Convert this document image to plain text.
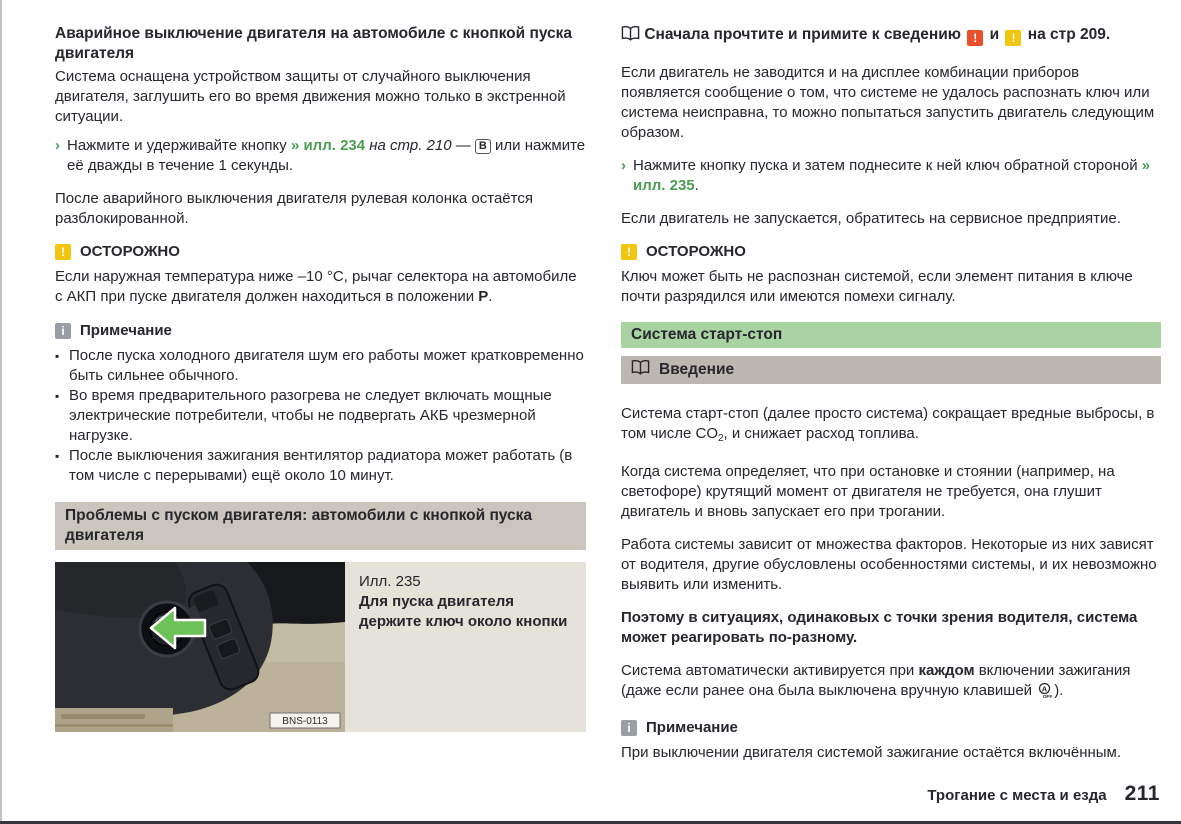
Аварийное выключение двигателя на автомобиле с кнопкой пуска двигателя

Система оснащена устройством защиты от случайного выключения двигателя, заглушить его во время движения можно только в экстренной ситуации.

› Нажмите и удерживайте кнопку » илл. 234 на стр. 210 — B или нажмите её дважды в течение 1 секунды.

После аварийного выключения двигателя рулевая колонка остаётся разблокированной.

!	ОСТОРОЖНО
Если наружная температура ниже –10 °C, рычаг селектора на автомобиле с АКП при пуске двигателя должен находиться в положении P.
i	Примечание
▪ После пуска холодного двигателя шум его работы может кратковременно быть сильнее обычного.
▪ Во время предварительного разогрева не следует включать мощные электрические потребители, чтобы не подвергать АКБ чрезмерной нагрузке.
▪ После выключения зажигания вентилятор радиатора может работать (в том числе с перерывами) ещё около 10 минут.
Проблемы с пуском двигателя: автомобили с кнопкой пуска двигателя
BNS-0113

Илл. 235

Для пуска двигателя держите ключ около кнопки

Сначала прочтите и примите к сведению ! и ! на стр 209.

Если двигатель не заводится и на дисплее комбинации приборов появляется сообщение о том, что системе не удалось распознать ключ или система неисправна, то можно попытаться запустить двигатель следующим образом.

› Нажмите кнопку пуска и затем поднесите к ней ключ обратной стороной » илл. 235.

Если двигатель не запускается, обратитесь на сервисное предприятие.

!	ОСТОРОЖНО
Ключ может быть не распознан системой, если элемент питания в ключе почти разрядился или имеются помехи сигналу.
Система старт-стоп
Введение

Система старт-стоп (далее просто система) сокращает вредные выбросы, в том числе $CO_2$, и снижает расход топлива.

Когда система определяет, что при остановке и стоянии (например, на светофоре) крутящий момент от двигателя не требуется, она глушит двигатель и вновь запускает его при трогании.

Работа системы зависит от множества факторов. Некоторые из них зависят от водителя, другие обусловлены особенностями системы, и их невозможно выявить или изменить.

Поэтому в ситуациях, одинаковых с точки зрения водителя, система может реагировать по-разному.

Система автоматически активируется при каждом включении зажигания (даже если ранее она была выключена вручную клавишей A
OFF ).

i	Примечание
При выключении двигателя системой зажигание остаётся включённым.
Трогание с места и езда 211
